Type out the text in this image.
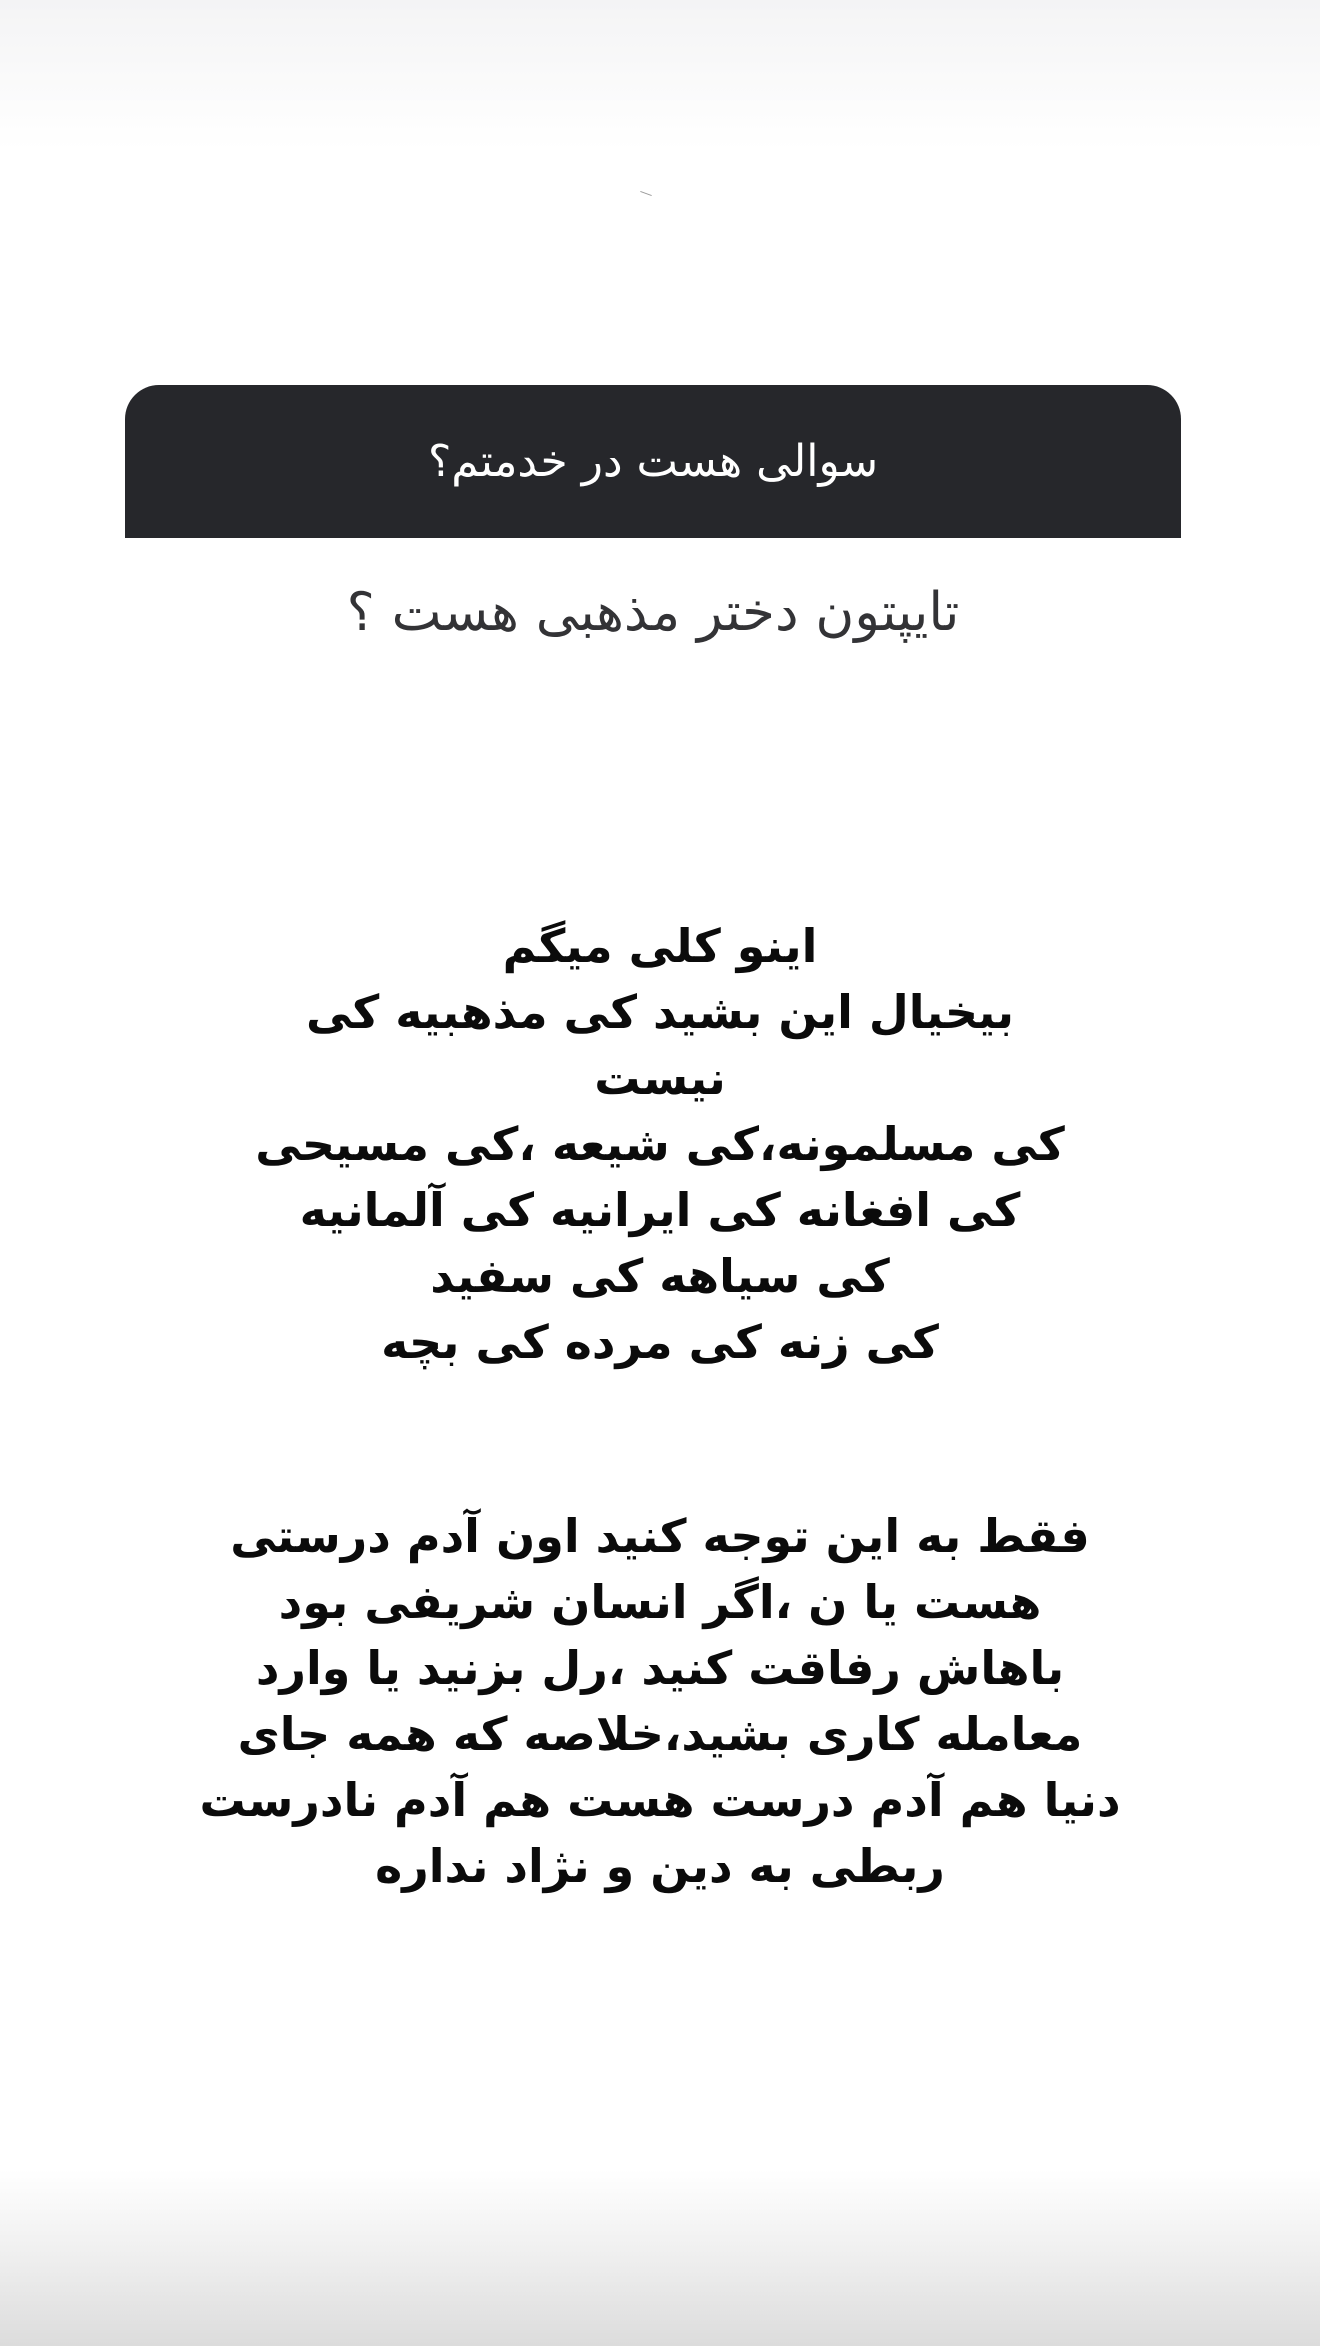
سوالی هست در خدمتم؟
تایپتون دختر مذهبی هست ؟

اینو کلی میگم
بیخیال این بشید کی مذهبیه کی
نیست
کی مسلمونه،کی شیعه ،کی مسیحی
کی افغانه کی ایرانیه کی آلمانیه
کی سیاهه کی سفید
کی زنه کی مرده کی بچه

فقط به این توجه کنید اون آدم درستی
هست یا ن ،اگر انسان شریفی بود
باهاش رفاقت کنید ،رل بزنید یا وارد
معامله کاری بشید،خلاصه که همه جای
دنیا هم آدم درست هست هم آدم نادرست
ربطی به دین و نژاد نداره
